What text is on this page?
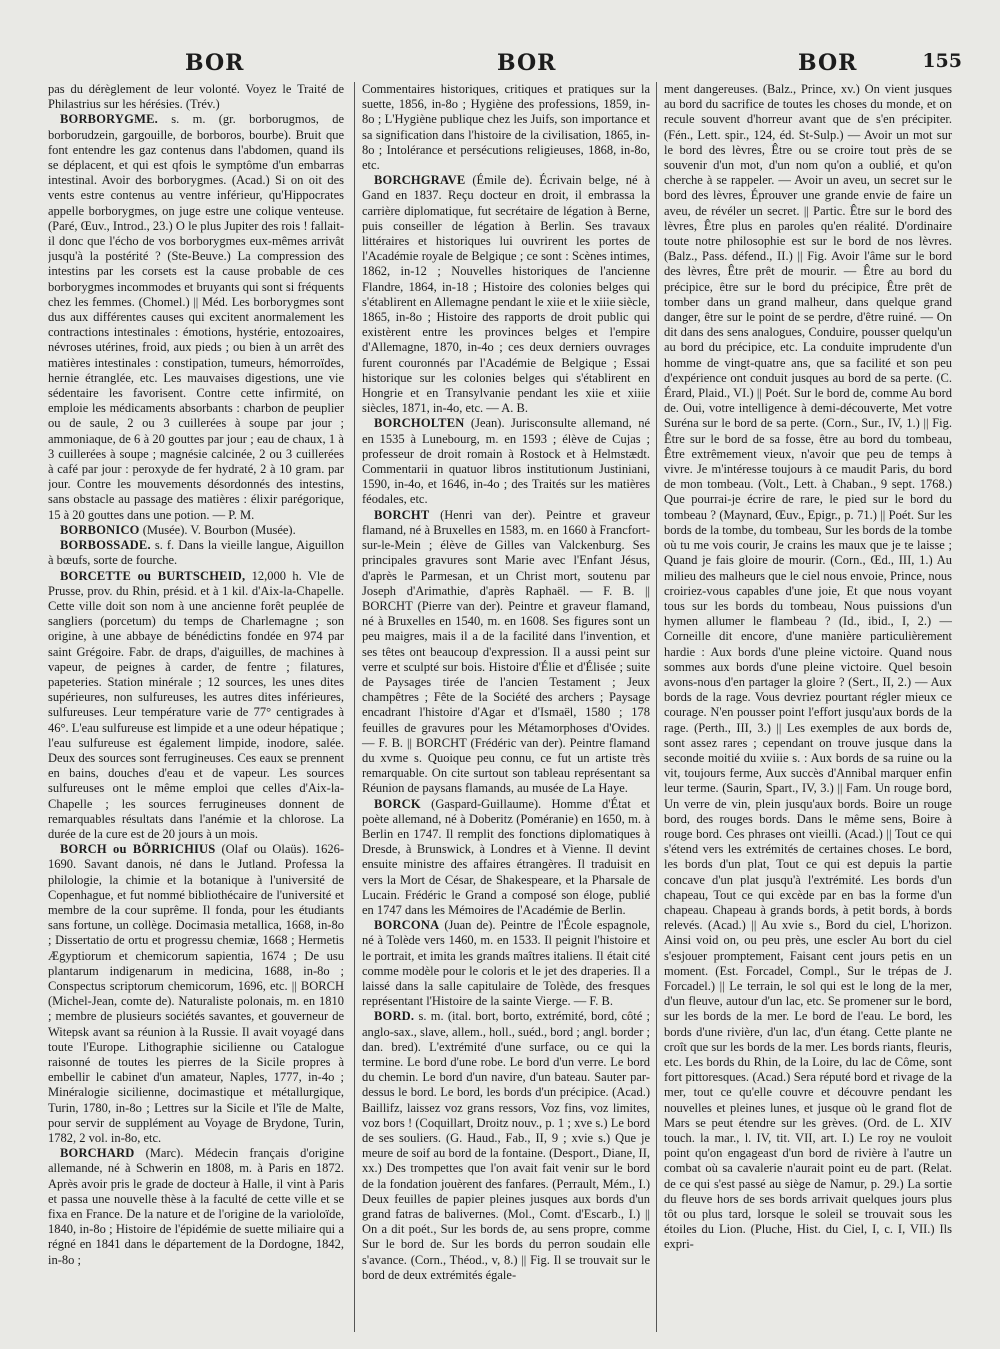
BOR	BOR	BOR	155

pas du dérèglement de leur volonté. Voyez le Traité de Philastrius sur les hérésies. (Trév.)

BORBORYGME. s. m. (gr. borborugmos, de borborudzein, gargouille, de borboros, bourbe). Bruit que font entendre les gaz contenus dans l'abdomen, quand ils se déplacent, et qui est qfois le symptôme d'un embarras intestinal. Avoir des borborygmes. (Acad.) Si on oit des vents estre contenus au ventre inférieur, qu'Hippocrates appelle borborygmes, on juge estre une colique venteuse. (Paré, Œuv., Introd., 23.) O le plus Jupiter des rois ! fallait-il donc que l'écho de vos borborygmes eux-mêmes arrivât jusqu'à la postérité ? (Ste-Beuve.) La compression des intestins par les corsets est la cause probable de ces borborygmes incommodes et bruyants qui sont si fréquents chez les femmes. (Chomel.) || Méd. Les borborygmes sont dus aux différentes causes qui excitent anormalement les contractions intestinales : émotions, hystérie, entozoaires, névroses utérines, froid, aux pieds ; ou bien à un arrêt des matières intestinales : constipation, tumeurs, hémorroïdes, hernie étranglée, etc. Les mauvaises digestions, une vie sédentaire les favorisent. Contre cette infirmité, on emploie les médicaments absorbants : charbon de peuplier ou de saule, 2 ou 3 cuillerées à soupe par jour ; ammoniaque, de 6 à 20 gouttes par jour ; eau de chaux, 1 à 3 cuillerées à soupe ; magnésie calcinée, 2 ou 3 cuillerées à café par jour : peroxyde de fer hydraté, 2 à 10 gram. par jour. Contre les mouvements désordonnés des intestins, sans obstacle au passage des matières : élixir parégorique, 15 à 20 gouttes dans une potion. — P. M.

BORBONICO (Musée). V. Bourbon (Musée).

BORBOSSADE. s. f. Dans la vieille langue, Aiguillon à bœufs, sorte de fourche.

BORCETTE ou BURTSCHEID, 12,000 h. Vle de Prusse, prov. du Rhin, présid. et à 1 kil. d'Aix-la-Chapelle. Cette ville doit son nom à une ancienne forêt peuplée de sangliers (porcetum) du temps de Charlemagne ; son origine, à une abbaye de bénédictins fondée en 974 par saint Grégoire. Fabr. de draps, d'aiguilles, de machines à vapeur, de peignes à carder, de fentre ; filatures, papeteries. Station minérale ; 12 sources, les unes dites supérieures, non sulfureuses, les autres dites inférieures, sulfureuses. Leur température varie de 77° centigrades à 46°. L'eau sulfureuse est limpide et a une odeur hépatique ; l'eau sulfureuse est également limpide, inodore, salée. Deux des sources sont ferrugineuses. Ces eaux se prennent en bains, douches d'eau et de vapeur. Les sources sulfureuses ont le même emploi que celles d'Aix-la-Chapelle ; les sources ferrugineuses donnent de remarquables résultats dans l'anémie et la chlorose. La durée de la cure est de 20 jours à un mois.

BORCH ou BÖRRICHIUS (Olaf ou Olaüs). 1626-1690. Savant danois, né dans le Jutland. Professa la philologie, la chimie et la botanique à l'université de Copenhague, et fut nommé bibliothécaire de l'université et membre de la cour suprême. Il fonda, pour les étudiants sans fortune, un collège. Docimasia metallica, 1668, in-8o ; Dissertatio de ortu et progressu chemiæ, 1668 ; Hermetis Ægyptiorum et chemicorum sapientia, 1674 ; De usu plantarum indigenarum in medicina, 1688, in-8o ; Conspectus scriptorum chemicorum, 1696, etc. || BORCH (Michel-Jean, comte de). Naturaliste polonais, m. en 1810 ; membre de plusieurs sociétés savantes, et gouverneur de Witepsk avant sa réunion à la Russie. Il avait voyagé dans toute l'Europe. Lithographie sicilienne ou Catalogue raisonné de toutes les pierres de la Sicile propres à embellir le cabinet d'un amateur, Naples, 1777, in-4o ; Minéralogie sicilienne, docimastique et métallurgique, Turin, 1780, in-8o ; Lettres sur la Sicile et l'île de Malte, pour servir de supplément au Voyage de Brydone, Turin, 1782, 2 vol. in-8o, etc.

BORCHARD (Marc). Médecin français d'origine allemande, né à Schwerin en 1808, m. à Paris en 1872. Après avoir pris le grade de docteur à Halle, il vint à Paris et passa une nouvelle thèse à la faculté de cette ville et se fixa en France. De la nature et de l'origine de la variolоïde, 1840, in-8o ; Histoire de l'épidémie de suette miliaire qui a régné en 1841 dans le département de la Dordogne, 1842, in-8o ;

Commentaires historiques, critiques et pratiques sur la suette, 1856, in-8o ; Hygiène des professions, 1859, in-8o ; L'Hygiène publique chez les Juifs, son importance et sa signification dans l'histoire de la civilisation, 1865, in-8o ; Intolérance et persécutions religieuses, 1868, in-8o, etc.

BORCHGRAVE (Émile de). Écrivain belge, né à Gand en 1837. Reçu docteur en droit, il embrassa la carrière diplomatique, fut secrétaire de légation à Berne, puis conseiller de légation à Berlin. Ses travaux littéraires et historiques lui ouvrirent les portes de l'Académie royale de Belgique ; ce sont : Scènes intimes, 1862, in-12 ; Nouvelles historiques de l'ancienne Flandre, 1864, in-18 ; Histoire des colonies belges qui s'établirent en Allemagne pendant le xiie et le xiiie siècle, 1865, in-8o ; Histoire des rapports de droit public qui existèrent entre les provinces belges et l'empire d'Allemagne, 1870, in-4o ; ces deux derniers ouvrages furent couronnés par l'Académie de Belgique ; Essai historique sur les colonies belges qui s'établirent en Hongrie et en Transylvanie pendant les xiie et xiiie siècles, 1871, in-4o, etc. — A. B.

BORCHOLTEN (Jean). Jurisconsulte allemand, né en 1535 à Lunebourg, m. en 1593 ; élève de Cujas ; professeur de droit romain à Rostock et à Helmstædt. Commentarii in quatuor libros institutionum Justiniani, 1590, in-4o, et 1646, in-4o ; des Traités sur les matières féodales, etc.

BORCHT (Henri van der). Peintre et graveur flamand, né à Bruxelles en 1583, m. en 1660 à Francfort-sur-le-Mein ; élève de Gilles van Valckenburg. Ses principales gravures sont Marie avec l'Enfant Jésus, d'après le Parmesan, et un Christ mort, soutenu par Joseph d'Arimathie, d'après Raphaël. — F. B. || BORCHT (Pierre van der). Peintre et graveur flamand, né à Bruxelles en 1540, m. en 1608. Ses figures sont un peu maigres, mais il a de la facilité dans l'invention, et ses têtes ont beaucoup d'expression. Il a aussi peint sur verre et sculpté sur bois. Histoire d'Élie et d'Élisée ; suite de Paysages tirée de l'ancien Testament ; Jeux champêtres ; Fête de la Société des archers ; Paysage encadrant l'histoire d'Agar et d'Ismaël, 1580 ; 178 feuilles de gravures pour les Métamorphoses d'Ovides. — F. B. || BORCHT (Frédéric van der). Peintre flamand du xvme s. Quoique peu connu, ce fut un artiste très remarquable. On cite surtout son tableau représentant sa Réunion de paysans flamands, au musée de La Haye.

BORCK (Gaspard-Guillaume). Homme d'État et poète allemand, né à Doberitz (Poméranie) en 1650, m. à Berlin en 1747. Il remplit des fonctions diplomatiques à Dresde, à Brunswick, à Londres et à Vienne. Il devint ensuite ministre des affaires étrangères. Il traduisit en vers la Mort de César, de Shakespeare, et la Pharsale de Lucain. Frédéric le Grand a composé son éloge, publié en 1747 dans les Mémoires de l'Académie de Berlin.

BORCONA (Juan de). Peintre de l'École espagnole, né à Tolède vers 1460, m. en 1533. Il peignit l'histoire et le portrait, et imita les grands maîtres italiens. Il était cité comme modèle pour le coloris et le jet des draperies. Il a laissé dans la salle capitulaire de Tolède, des fresques représentant l'Histoire de la sainte Vierge. — F. B.

BORD. s. m. (ital. bort, borto, extrémité, bord, côté ; anglo-sax., slave, allem., holl., suéd., bord ; angl. border ; dan. bred). L'extrémité d'une surface, ou ce qui la termine. Le bord d'une robe. Le bord d'un verre. Le bord du chemin. Le bord d'un navire, d'un bateau. Sauter par-dessus le bord. Le bord, les bords d'un précipice. (Acad.) Baillifz, laissez voz grans ressors, Voz fins, voz limites, voz bors ! (Coquillart, Droitz nouv., p. 1 ; xve s.) Le bord de ses souliers. (G. Haud., Fab., II, 9 ; xvie s.) Que je meure de soif au bord de la fontaine. (Desport., Diane, II, xx.) Des trompettes que l'on avait fait venir sur le bord de la fondation jouèrent des fanfares. (Perrault, Mém., I.) Deux feuilles de papier pleines jusques aux bords d'un grand fatras de balivernes. (Mol., Comt. d'Escarb., I.) || On a dit poét., Sur les bords de, au sens propre, comme Sur le bord de. Sur les bords du perron soudain elle s'avance. (Corn., Théod., v, 8.) || Fig. Il se trouvait sur le bord de deux extrémités égale-

ment dangereuses. (Balz., Prince, xv.) On vient jusques au bord du sacrifice de toutes les choses du monde, et on recule souvent d'horreur avant que de s'en précipiter. (Fén., Lett. spir., 124, éd. St-Sulp.) — Avoir un mot sur le bord des lèvres, Être ou se croire tout près de se souvenir d'un mot, d'un nom qu'on a oublié, et qu'on cherche à se rappeler. — Avoir un aveu, un secret sur le bord des lèvres, Éprouver une grande envie de faire un aveu, de révéler un secret. || Partic. Être sur le bord des lèvres, Être plus en paroles qu'en réalité. D'ordinaire toute notre philosophie est sur le bord de nos lèvres. (Balz., Pass. défend., II.) || Fig. Avoir l'âme sur le bord des lèvres, Être prêt de mourir. — Être au bord du précipice, être sur le bord du précipice, Être prêt de tomber dans un grand malheur, dans quelque grand danger, être sur le point de se perdre, d'être ruiné. — On dit dans des sens analogues, Conduire, pousser quelqu'un au bord du précipice, etc. La conduite imprudente d'un homme de vingt-quatre ans, que sa facilité et son peu d'expérience ont conduit jusques au bord de sa perte. (C. Érard, Plaid., VI.) || Poét. Sur le bord de, comme Au bord de. Oui, votre intelligence à demi-découverte, Met votre Suréna sur le bord de sa perte. (Corn., Sur., IV, 1.) || Fig. Être sur le bord de sa fosse, être au bord du tombeau, Être extrêmement vieux, n'avoir que peu de temps à vivre. Je m'intéresse toujours à ce maudit Paris, du bord de mon tombeau. (Volt., Lett. à Chaban., 9 sept. 1768.) Que pourrai-je écrire de rare, le pied sur le bord du tombeau ? (Maynard, Œuv., Epigr., p. 71.) || Poét. Sur les bords de la tombe, du tombeau, Sur les bords de la tombe où tu me vois courir, Je crains les maux que je te laisse ; Quand je fais gloire de mourir. (Corn., Œd., III, 1.) Au milieu des malheurs que le ciel nous envoie, Prince, nous croiriez-vous capables d'une joie, Et que nous voyant tous sur les bords du tombeau, Nous puissions d'un hymen allumer le flambeau ? (Id., ibid., I, 2.) — Corneille dit encore, d'une manière particulièrement hardie : Aux bords d'une pleine victoire. Quand nous sommes aux bords d'une pleine victoire. Quel besoin avons-nous d'en partager la gloire ? (Sert., II, 2.) — Aux bords de la rage. Vous devriez pourtant régler mieux ce courage. N'en pousser point l'effort jusqu'aux bords de la rage. (Perth., III, 3.) || Les exemples de aux bords de, sont assez rares ; cependant on trouve jusque dans la seconde moitié du xviiie s. : Aux bords de sa ruine ou la vit, toujours ferme, Aux succès d'Annibal marquer enfin leur terme. (Saurin, Spart., IV, 3.) || Fam. Un rouge bord, Un verre de vin, plein jusqu'aux bords. Boire un rouge bord, des rouges bords. Dans le même sens, Boire à rouge bord. Ces phrases ont vieilli. (Acad.) || Tout ce qui s'étend vers les extrémités de certaines choses. Le bord, les bords d'un plat, Tout ce qui est depuis la partie concave d'un plat jusqu'à l'extrémité. Les bords d'un chapeau, Tout ce qui excède par en bas la forme d'un chapeau. Chapeau à grands bords, à petit bords, à bords relevés. (Acad.) || Au xvie s., Bord du ciel, L'horizon. Ainsi void on, ou peu près, une escler Au bort du ciel s'esjouer promptement, Faisant cent jours petis en un moment. (Est. Forcadel, Compl., Sur le trépas de J. Forcadel.) || Le terrain, le sol qui est le long de la mer, d'un fleuve, autour d'un lac, etc. Se promener sur le bord, sur les bords de la mer. Le bord de l'eau. Le bord, les bords d'une rivière, d'un lac, d'un étang. Cette plante ne croît que sur les bords de la mer. Les bords riants, fleuris, etc. Les bords du Rhin, de la Loire, du lac de Côme, sont fort pittoresques. (Acad.) Sera réputé bord et rivage de la mer, tout ce qu'elle couvre et découvre pendant les nouvelles et pleines lunes, et jusque où le grand flot de Mars se peut étendre sur les grèves. (Ord. de L. XIV touch. la mar., l. IV, tit. VII, art. I.) Le roy ne vouloit point qu'on engageast d'un bord de rivière à l'autre un combat où sa cavalerie n'aurait point eu de part. (Relat. de ce qui s'est passé au siège de Namur, p. 29.) La sortie du fleuve hors de ses bords arrivait quelques jours plus tôt ou plus tard, lorsque le soleil se trouvait sous les étoiles du Lion. (Pluche, Hist. du Ciel, I, c. I, VII.) Ils expri-
